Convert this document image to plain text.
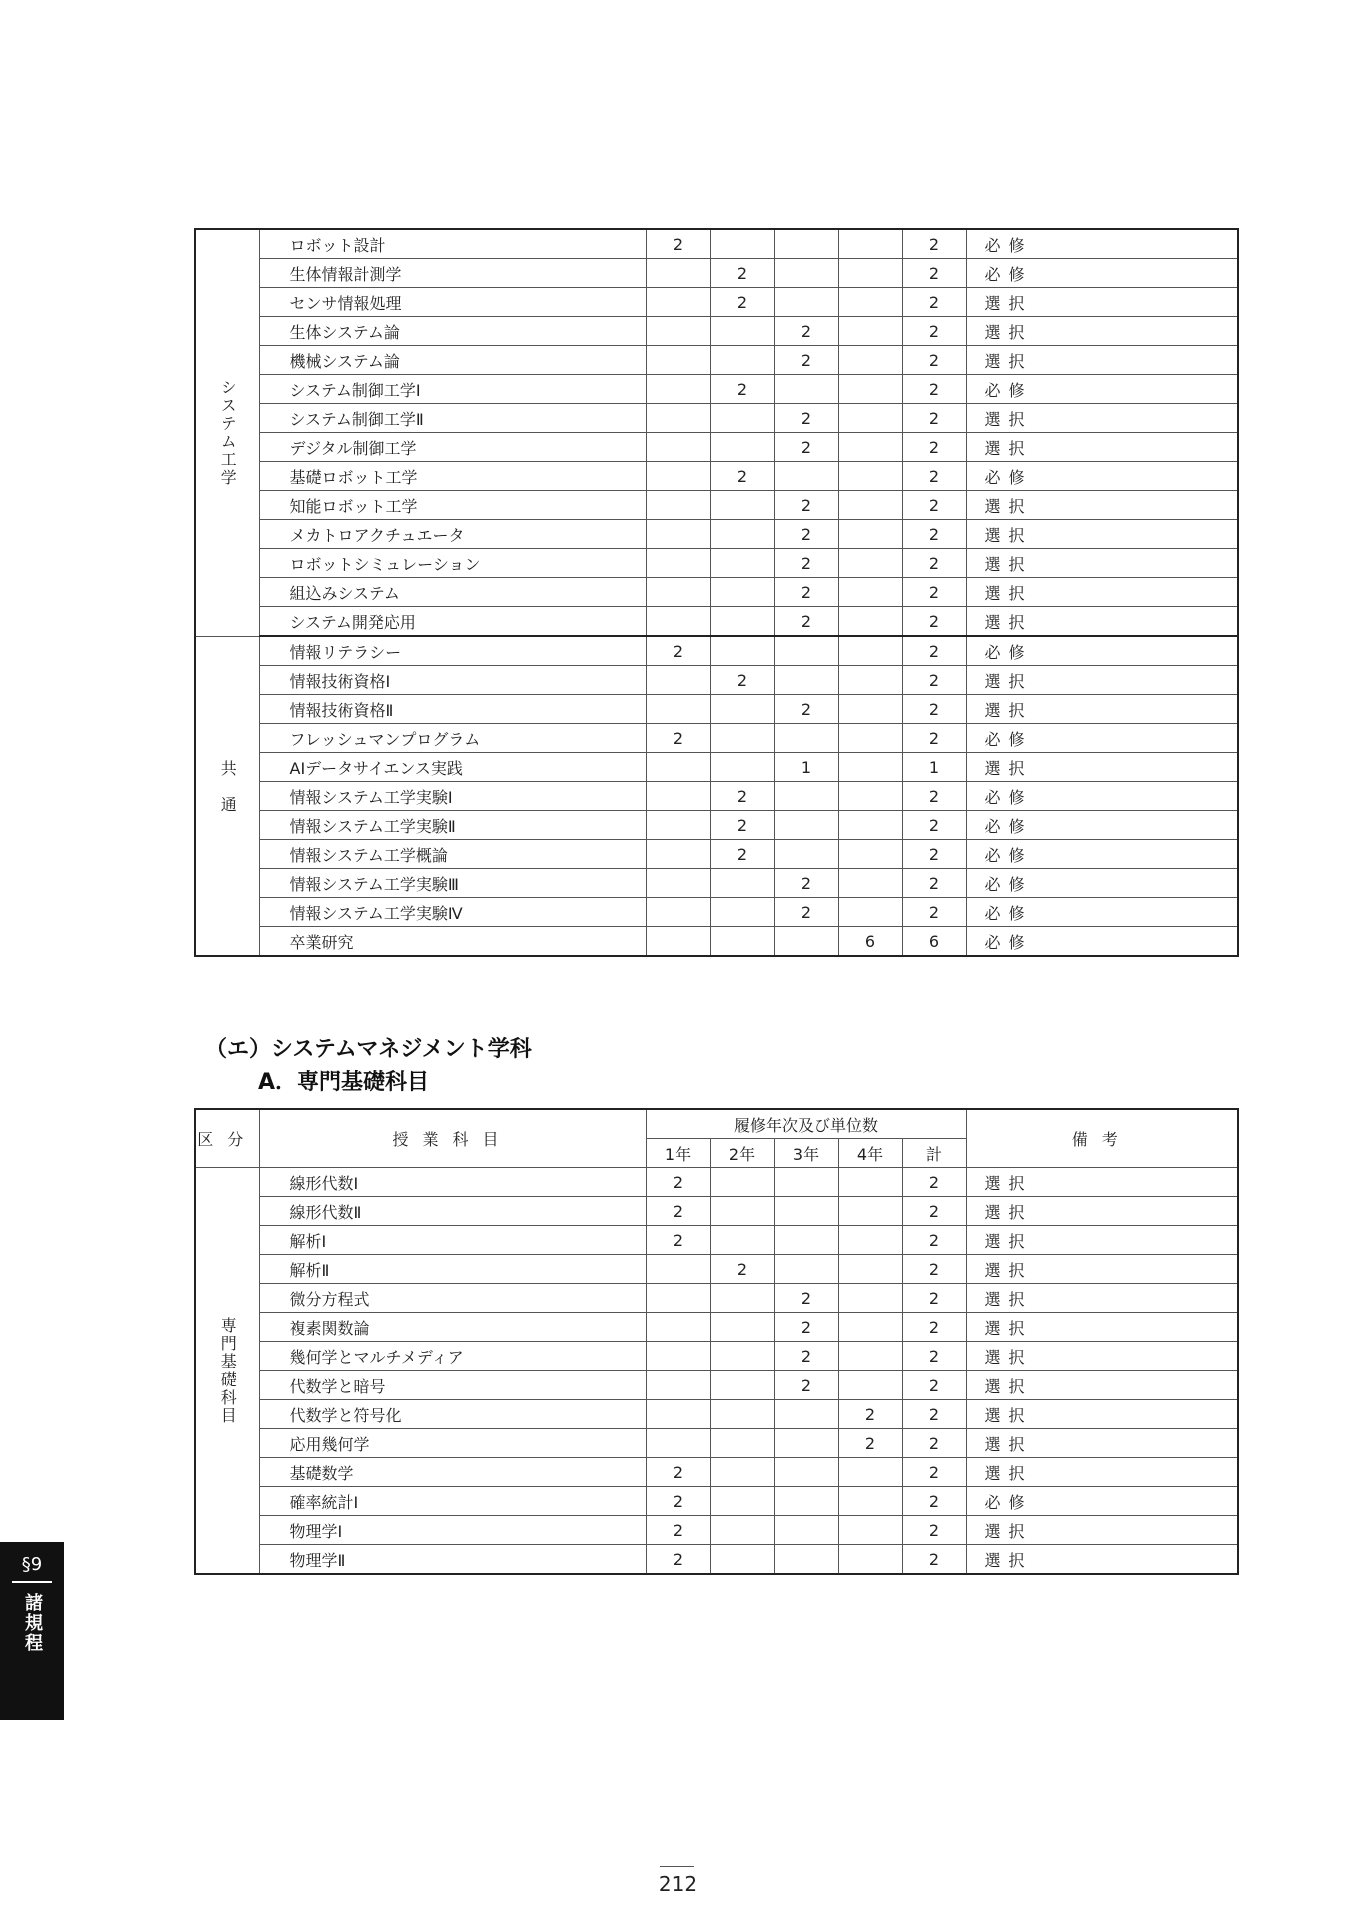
システム工学	ロボット設計	2				2	必修
	生体情報計測学		2			2	必修
	センサ情報処理		2			2	選択
	生体システム論			2		2	選択
	機械システム論			2		2	選択
	システム制御工学Ⅰ		2			2	必修
	システム制御工学Ⅱ			2		2	選択
	デジタル制御工学			2		2	選択
	基礎ロボット工学		2			2	必修
	知能ロボット工学			2		2	選択
	メカトロアクチュエータ			2		2	選択
	ロボットシミュレーション			2		2	選択
	組込みシステム			2		2	選択
	システム開発応用			2		2	選択
共通	情報リテラシー	2				2	必修
	情報技術資格Ⅰ		2			2	選択
	情報技術資格Ⅱ			2		2	選択
	フレッシュマンプログラム	2				2	必修
	AIデータサイエンス実践			1		1	選択
	情報システム工学実験Ⅰ		2			2	必修
	情報システム工学実験Ⅱ		2			2	必修
	情報システム工学概論		2			2	必修
	情報システム工学実験Ⅲ			2		2	必修
	情報システム工学実験Ⅳ			2		2	必修
	卒業研究				6	6	必修
（エ）システムマネジメント学科
A．専門基礎科目
区分	授業科目	履修年次及び単位数					備考
		1年	2年	3年	4年	計	
専門基礎科目	線形代数Ⅰ	2				2	選択
	線形代数Ⅱ	2				2	選択
	解析Ⅰ	2				2	選択
	解析Ⅱ		2			2	選択
	微分方程式			2		2	選択
	複素関数論			2		2	選択
	幾何学とマルチメディア			2		2	選択
	代数学と暗号			2		2	選択
	代数学と符号化				2	2	選択
	応用幾何学				2	2	選択
	基礎数学	2				2	選択
	確率統計Ⅰ	2				2	必修
	物理学Ⅰ	2				2	選択
	物理学Ⅱ	2				2	選択
§9
諸規程
212
